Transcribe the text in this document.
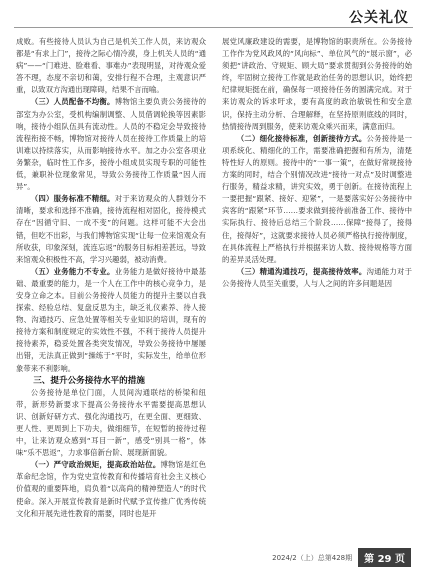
公关礼仪

成败。有些接待人员认为自己是机关工作人员，来访观众都是“有求上门”，接待之际心情冷漠，身上机关人员的“通病”——“门难进、脸难看、事难办”表现明显，对待观众爱答不理，态度不亲切和蔼，安排行程不合理，主观意识严重，以致双方沟通出现障碍，结果不言而喻。

（三）人员配备不均衡。博物馆主要负责公务接待的部室为办公室，受机构编制调整、人员借调轮换等因素影响，接待小组队伍具有流动性。人员的不稳定会导致接待流程衔接不畅，博物馆对接待人员在接待工作质量上的培训难以持续落实，从而影响接待水平。加之办公室各项业务繁杂，临时性工作多，接待小组成员实现专职的可能性低，兼职补位现象常见，导致公务接待工作质量“因人而异”。

（四）服务标准不精细。对于来访观众的人群划分不清晰，要求和选择不准确，接待流程相对固化，接待模式存在“因循守旧、一成不变”的问题。这样可能不大会出错，但吃不出彩，与我们博物馆实现“让每一位来馆观众有所收获，印象深刻，流连忘返”的服务目标相差甚远，导致来馆观众积极性不高，学习兴趣弱，被动消费。

（五）业务能力不专业。业务能力是做好接待中最基础、最重要的能力，是一个人在工作中的核心竞争力，是安身立命之本。目前公务接待人员能力的提升主要以自我探索、经验总结、复盘反思为主，缺乏礼仪素养、待人接物、沟通技巧、应急处置等相关专业知识的培训，现有的接待方案和制度规定的实效性不强，不利于接待人员提升接待素养，稳妥处置各类突发情况，导致公务接待中屡屡出错，无法真正做到“操练于”平时，实际发生，给单位形象带来不利影响。

三、提升公务接待水平的措施

公务接待是单位门面，人员间沟通联结的桥梁和纽带，新形势新要求下提高公务接待水平需要提高思想认识、创新好研方式、强化沟通技巧，在更全面、更细致、更人性、更周到上下功夫，做细细节，在短暂的接待过程中，让来访观众感到“耳目一新”，感受“别具一格”，体味“乐不思返”，力求事倍新台阶、展现新面貌。

（一）严守政治规矩，提高政治站位。博物馆是红色革命纪念馆，作为党史宣传教育和传播培育社会主义核心价值观的重要阵地，肩负着“以高尚的精神塑造人”的时代使命。深入开展宣传教育是新时代赋予宣传推广优秀传统文化和开展先进性教育的需要，同时也是开

展党风廉政建设的需要，是博物馆的职责所在。公务接待工作作为党风政风的“风向标”、单位风气的“展示窗”，必须把“讲政治、守规矩、顾大局”要求贯彻到公务接待的始终，牢固树立接待工作就是政治任务的思想认识，始终把纪律规矩挺在前，确保每一项接待任务的圆满完成。对于来访观众的诉求吁求，要有高度的政治敏锐性和安全意识，保持主动分析、合理解释，在坚持原则底线的同时，热情接待周到服务，使来访观众乘兴而来，满意而归。

（二）细化接待标准，创新接待方式。公务接待是一项系统化、精细化的工作，需要准确把握和有所为，清楚特性好人的原则。接待中的“一事一策”，在做好常规接待方案的同时，结合个别情况改进“接待一对点”及时调整进行服务，精益求精，讲究实效，勇于创新。在接待流程上一要把握“跟紧、接好、迎紧”，一是要落实好公务接待中宾客的“跟紧”环节……要求做到接待前准备工作、接待中实际执行、接待后总结三个阶段……保障“接得了，接得住，接得好”，这就要求接待人员必须严格执行接待制度，在具体流程上严格执行并根据来访人数、接待规格等方面的差异灵活处理。

（三）精通沟通技巧，提高接待效率。沟通能力对于公务接待人员至关重要，人与人之间的许多问题是因

2024/2（上）总第428期	第 29 页
